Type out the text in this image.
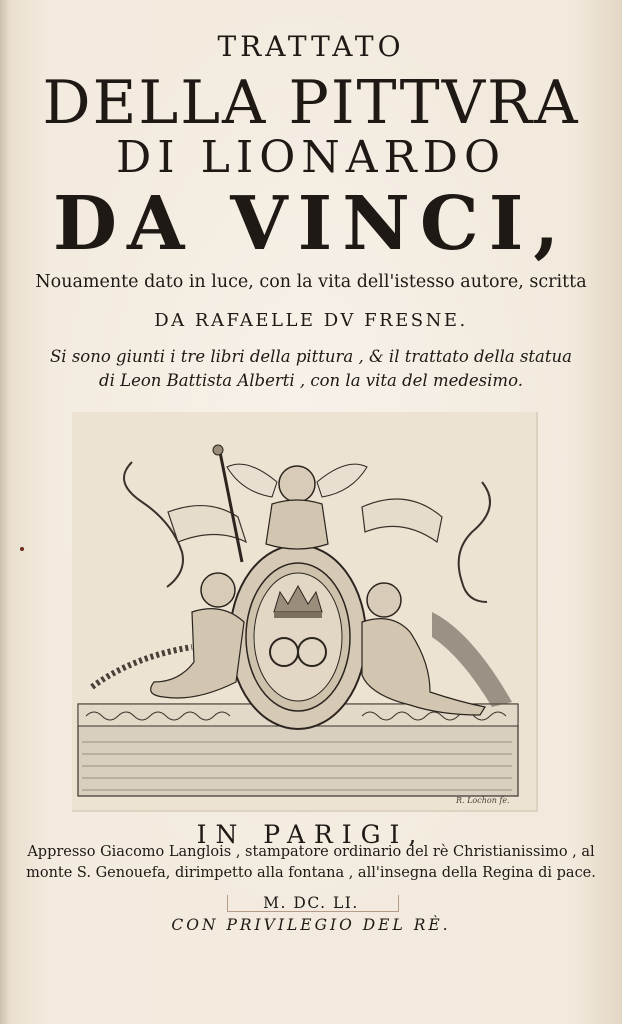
TRATTATO
DELLA PITTVRA
DI LIONARDO
DA VINCI,
Nouamente dato in luce, con la vita dell'istesso autore, scritta
DA RAFAELLE DV FRESNE.
Si sono giunti i tre libri della pittura , & il trattato della statua
di Leon Battista Alberti , con la vita del medesimo.
R. Lochon fe.
IN PARIGI,
Appresso Giacomo Langlois , stampatore ordinario del rè Christianissimo , al
monte S. Genouefa, dirimpetto alla fontana , all'insegna della Regina di pace.
M. DC. LI.
CON PRIVILEGIO DEL RÈ.
